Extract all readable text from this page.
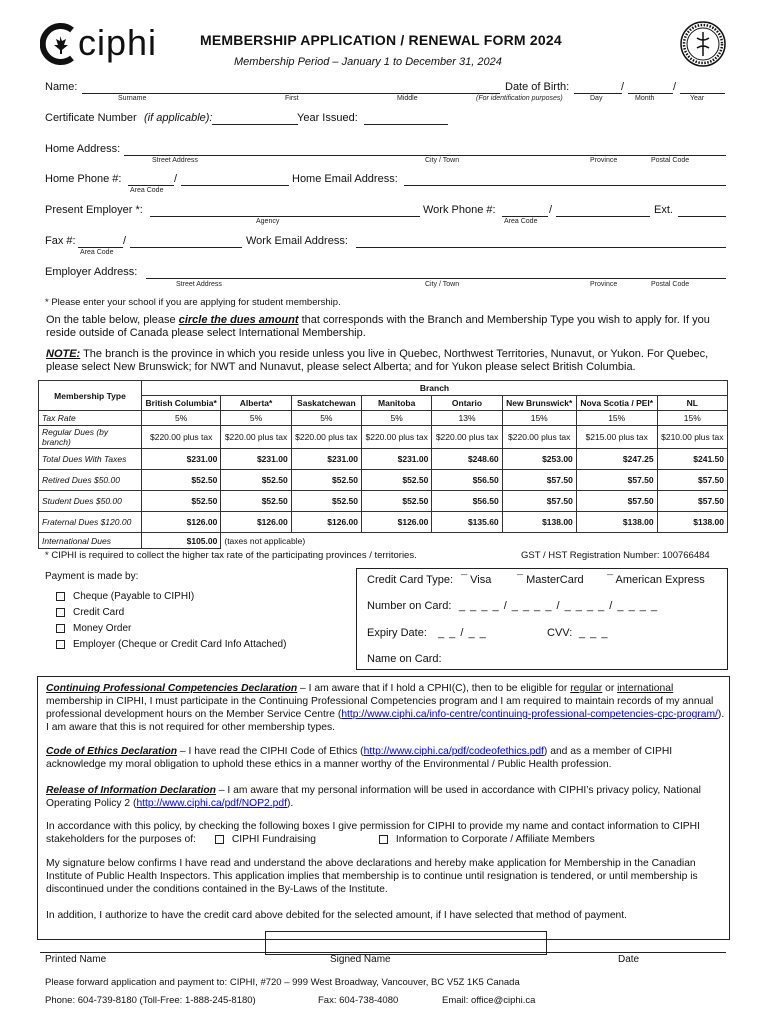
ciphi	MEMBERSHIP APPLICATION / RENEWAL FORM 2024
Membership Period – January 1 to December 31, 2024
Name:	Date of Birth:	/	/
Surname	First	Middle	(For identification purposes)	Day	Month	Year
Certificate Number (if applicable):	Year Issued:
Home Address:
Street Address	City / Town	Province	Postal Code
Home Phone #:	/
Area Code
Home Email Address:
Present Employer *:
Agency
Work Phone #:	/
Area Code
Ext.
Fax #:	/
Area Code
Work Email Address:
Employer Address:
Street Address	City / Town	Province	Postal Code
* Please enter your school if you are applying for student membership.
On the table below, please circle the dues amount that corresponds with the Branch and Membership Type you wish to apply for. If you reside outside of Canada please select International Membership.
NOTE: The branch is the province in which you reside unless you live in Quebec, Northwest Territories, Nunavut, or Yukon. For Quebec, please select New Brunswick; for NWT and Nunavut, please select Alberta; and for Yukon please select British Columbia.
Membership Type	Branch							
	British Columbia*	Alberta*	Saskatchewan	Manitoba	Ontario	New Brunswick*	Nova Scotia / PEI*	NL
Tax Rate	5%	5%	5%	5%	13%	15%	15%	15%
Regular Dues (by branch)	$220.00 plus tax	$220.00 plus tax	$220.00 plus tax	$220.00 plus tax	$220.00 plus tax	$220.00 plus tax	$215.00 plus tax	$210.00 plus tax
Total Dues With Taxes	$231.00	$231.00	$231.00	$231.00	$248.60	$253.00	$247.25	$241.50
Retired Dues $50.00	$52.50	$52.50	$52.50	$52.50	$56.50	$57.50	$57.50	$57.50
Student Dues $50.00	$52.50	$52.50	$52.50	$52.50	$56.50	$57.50	$57.50	$57.50
Fraternal Dues $120.00	$126.00	$126.00	$126.00	$126.00	$135.60	$138.00	$138.00	$138.00
International Dues	$105.00	(taxes not applicable)						
* CIPHI is required to collect the higher tax rate of the participating provinces / territories.	GST / HST Registration Number: 100766484
Payment is made by:
Cheque (Payable to CIPHI)
Credit Card
Money Order
Employer (Cheque or Credit Card Info Attached)
Credit Card Type: ¯ Visa ¯ MasterCard ¯ American Express
Number on Card: _ _ _ _ / _ _ _ _ / _ _ _ _ / _ _ _ _
Expiry Date: _ _ / _ _	CVV: _ _ _
Name on Card:
Continuing Professional Competencies Declaration – I am aware that if I hold a CPHI(C), then to be eligible for regular or international membership in CIPHI, I must participate in the Continuing Professional Competencies program and I am required to maintain records of my annual professional development hours on the Member Service Centre (http://www.ciphi.ca/info-centre/continuing-professional-competencies-cpc-program/). I am aware that this is not required for other membership types.
Code of Ethics Declaration – I have read the CIPHI Code of Ethics (http://www.ciphi.ca/pdf/codeofethics.pdf) and as a member of CIPHI acknowledge my moral obligation to uphold these ethics in a manner worthy of the Environmental / Public Health profession.
Release of Information Declaration – I am aware that my personal information will be used in accordance with CIPHI’s privacy policy, National Operating Policy 2 (http://www.ciphi.ca/pdf/NOP2.pdf).
In accordance with this policy, by checking the following boxes I give permission for CIPHI to provide my name and contact information to CIPHI stakeholders for the purposes of:	CIPHI Fundraising	Information to Corporate / Affiliate Members
My signature below confirms I have read and understand the above declarations and hereby make application for Membership in the Canadian Institute of Public Health Inspectors. This application implies that membership is to continue until resignation is tendered, or until membership is discontinued under the conditions contained in the By-Laws of the Institute.
In addition, I authorize to have the credit card above debited for the selected amount, if I have selected that method of payment.
Printed Name	Signed Name	Date
Please forward application and payment to: CIPHI, #720 – 999 West Broadway, Vancouver, BC V5Z 1K5 Canada
Phone: 604-739-8180 (Toll-Free: 1-888-245-8180)	Fax: 604-738-4080	Email: office@ciphi.ca
